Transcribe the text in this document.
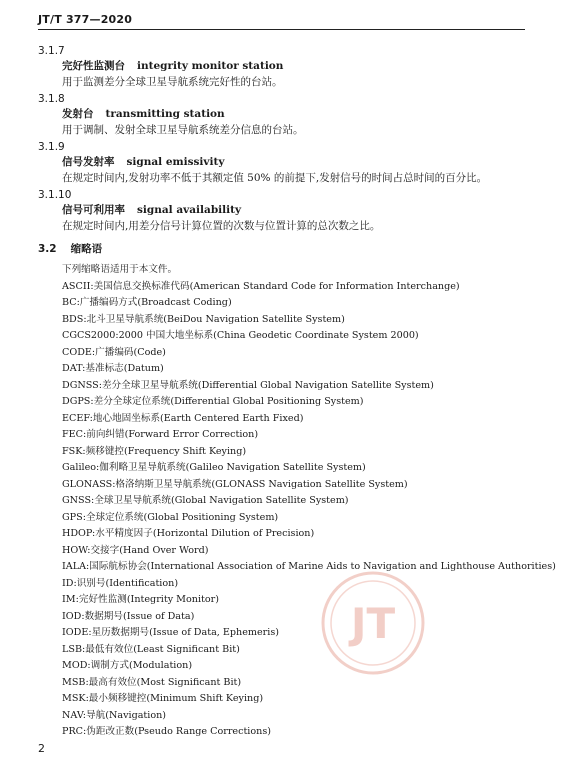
JT/T 377—2020
3.1.7
完好性监测台 integrity monitor station
用于监测差分全球卫星导航系统完好性的台站。
3.1.8
发射台 transmitting station
用于调制、发射全球卫星导航系统差分信息的台站。
3.1.9
信号发射率 signal emissivity
在规定时间内,发射功率不低于其额定值 50% 的前提下,发射信号的时间占总时间的百分比。
3.1.10
信号可利用率 signal availability
在规定时间内,用差分信号计算位置的次数与位置计算的总次数之比。
3.2 缩略语
下列缩略语适用于本文件。
ASCII:美国信息交换标准代码(American Standard Code for Information Interchange)
BC:广播编码方式(Broadcast Coding)
BDS:北斗卫星导航系统(BeiDou Navigation Satellite System)
CGCS2000:2000 中国大地坐标系(China Geodetic Coordinate System 2000)
CODE:广播编码(Code)
DAT:基准标志(Datum)
DGNSS:差分全球卫星导航系统(Differential Global Navigation Satellite System)
DGPS:差分全球定位系统(Differential Global Positioning System)
ECEF:地心地固坐标系(Earth Centered Earth Fixed)
FEC:前向纠错(Forward Error Correction)
FSK:频移键控(Frequency Shift Keying)
Galileo:伽利略卫星导航系统(Galileo Navigation Satellite System)
GLONASS:格洛纳斯卫星导航系统(GLONASS Navigation Satellite System)
GNSS:全球卫星导航系统(Global Navigation Satellite System)
GPS:全球定位系统(Global Positioning System)
HDOP:水平精度因子(Horizontal Dilution of Precision)
HOW:交接字(Hand Over Word)
IALA:国际航标协会(International Association of Marine Aids to Navigation and Lighthouse Authorities)
ID:识别号(Identification)
IM:完好性监测(Integrity Monitor)
IOD:数据期号(Issue of Data)
IODE:星历数据期号(Issue of Data, Ephemeris)
LSB:最低有效位(Least Significant Bit)
MOD:调制方式(Modulation)
MSB:最高有效位(Most Significant Bit)
MSK:最小频移键控(Minimum Shift Keying)
NAV:导航(Navigation)
PRC:伪距改正数(Pseudo Range Corrections)
JT
2
